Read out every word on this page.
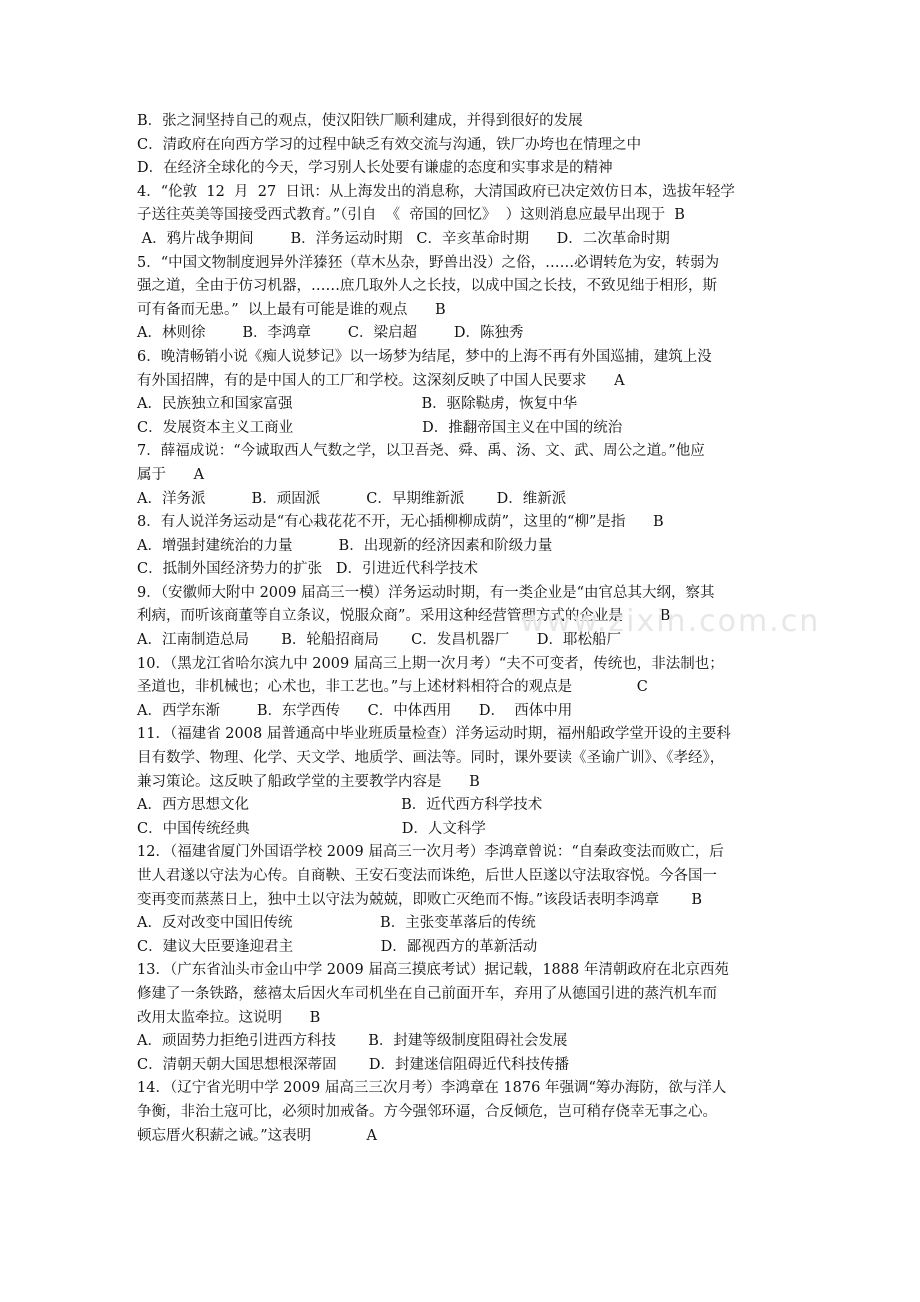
B．张之洞坚持自己的观点，使汉阳铁厂顺利建成，并得到很好的发展
C．清政府在向西方学习的过程中缺乏有效交流与沟通，铁厂办垮也在情理之中
D．在经济全球化的今天，学习别人长处要有谦虚的态度和实事求是的精神
4．“伦敦  12  月  27  日讯：从上海发出的消息称，大清国政府已决定效仿日本，选拔年轻学
子送往英美等国接受西式教育。”（引自  《  帝国的回忆》  ）这则消息应最早出现于  B
A．鸦片战争期间        B．洋务运动时期   C．辛亥革命时期      D．二次革命时期
5．“中国文物制度迥异外洋獉狉（草木丛杂，野兽出没）之俗，……必谓转危为安，转弱为
强之道，全由于仿习机器，……庶几取外人之长技，以成中国之长技，不致见绌于相形，斯
可有备而无患。”  以上最有可能是谁的观点      B
A．林则徐        B．李鸿章        C．梁启超        D．陈独秀
6．晚清畅销小说《痴人说梦记》以一场梦为结尾，梦中的上海不再有外国巡捕，建筑上没
有外国招牌，有的是中国人的工厂和学校。这深刻反映了中国人民要求      A
A．民族独立和国家富强                            B．驱除鞑虏，恢复中华
C．发展资本主义工商业                            D．推翻帝国主义在中国的统治
7．薛福成说：“今诚取西人气数之学，以卫吾尧、舜、禹、汤、文、武、周公之道。”他应
属于      A
A．洋务派          B．顽固派          C．早期维新派       D．维新派
8．有人说洋务运动是“有心栽花花不开，无心插柳柳成荫”，这里的“柳”是指      B
A．增强封建统治的力量          B．出现新的经济因素和阶级力量
C．抵制外国经济势力的扩张   D．引进近代科学技术
9．（安徽师大附中 2009 届高三一模）洋务运动时期，有一类企业是“由官总其大纲，察其
利病，而听该商董等自立条议，悦服众商”。采用这种经营管理方式的企业是        B
A．江南制造总局       B．轮船招商局       C．发昌机器厂      D．耶松船厂
10．（黑龙江省哈尔滨九中 2009 届高三上期一次月考）“夫不可变者，传统也，非法制也；
圣道也，非机械也；心术也，非工艺也。”与上述材料相符合的观点是              C
A．西学东渐        B．东学西传      C．中体西用      D．  西体中用
11．（福建省 2008 届普通高中毕业班质量检查）洋务运动时期，福州船政学堂开设的主要科
目有数学、物理、化学、天文学、地质学、画法等。同时，课外要读《圣谕广训》、《孝经》，
兼习策论。这反映了船政学堂的主要教学内容是      B
A．西方思想文化                                 B．近代西方科学技术
C．中国传统经典                                 D．人文科学
12．（福建省厦门外国语学校 2009 届高三一次月考）李鸿章曾说：“自秦政变法而败亡，后
世人君遂以守法为心传。自商鞅、王安石变法而诛绝，后世人臣遂以守法取容悦。今各国一
变再变而蒸蒸日上，独中土以守法为兢兢，即败亡灭绝而不悔。”该段话表明李鸿章       B
A．反对改变中国旧传统                   B．主张变革落后的传统
C．建议大臣要逢迎君主                   D．鄙视西方的革新活动
13．（广东省汕头市金山中学 2009 届高三摸底考试）据记载，1888 年清朝政府在北京西苑
修建了一条铁路，慈禧太后因火车司机坐在自己前面开车，弃用了从德国引进的蒸汽机车而
改用太监牵拉。这说明      B
A．顽固势力拒绝引进西方科技       B．封建等级制度阻碍社会发展
C．清朝天朝大国思想根深蒂固       D．封建迷信阻碍近代科技传播
14．（辽宁省光明中学 2009 届高三三次月考）李鸿章在 1876 年强调“筹办海防，欲与洋人
争衡，非治土寇可比，必须时加戒备。方今强邻环逼，合反倾危，岂可稍存侥幸无事之心。
顿忘厝火积薪之诫。”这表明            A
www.zixin.com.cn
